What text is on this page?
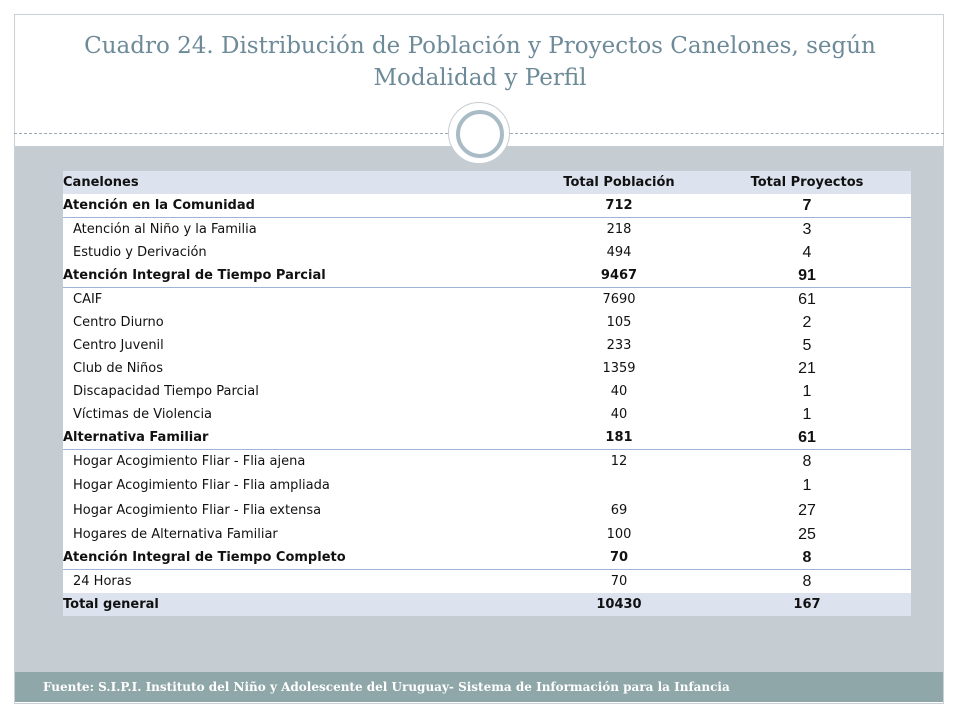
Cuadro 24. Distribución de Población y Proyectos Canelones, según Modalidad y Perfil
Canelones	Total Población	Total Proyectos
Atención en la Comunidad	712	7
Atención al Niño y la Familia	218	3
Estudio y Derivación	494	4
Atención Integral de Tiempo Parcial	9467	91
CAIF	7690	61
Centro Diurno	105	2
Centro Juvenil	233	5
Club de Niños	1359	21
Discapacidad Tiempo Parcial	40	1
Víctimas de Violencia	40	1
Alternativa Familiar	181	61
Hogar Acogimiento Fliar - Flia ajena	12	8
Hogar Acogimiento Fliar - Flia ampliada		1
Hogar Acogimiento Fliar - Flia extensa	69	27
Hogares de Alternativa Familiar	100	25
Atención Integral de Tiempo Completo	70	8
24 Horas	70	8
Total general	10430	167
Fuente: S.I.P.I. Instituto del Niño y Adolescente del Uruguay- Sistema de Información para la Infancia
